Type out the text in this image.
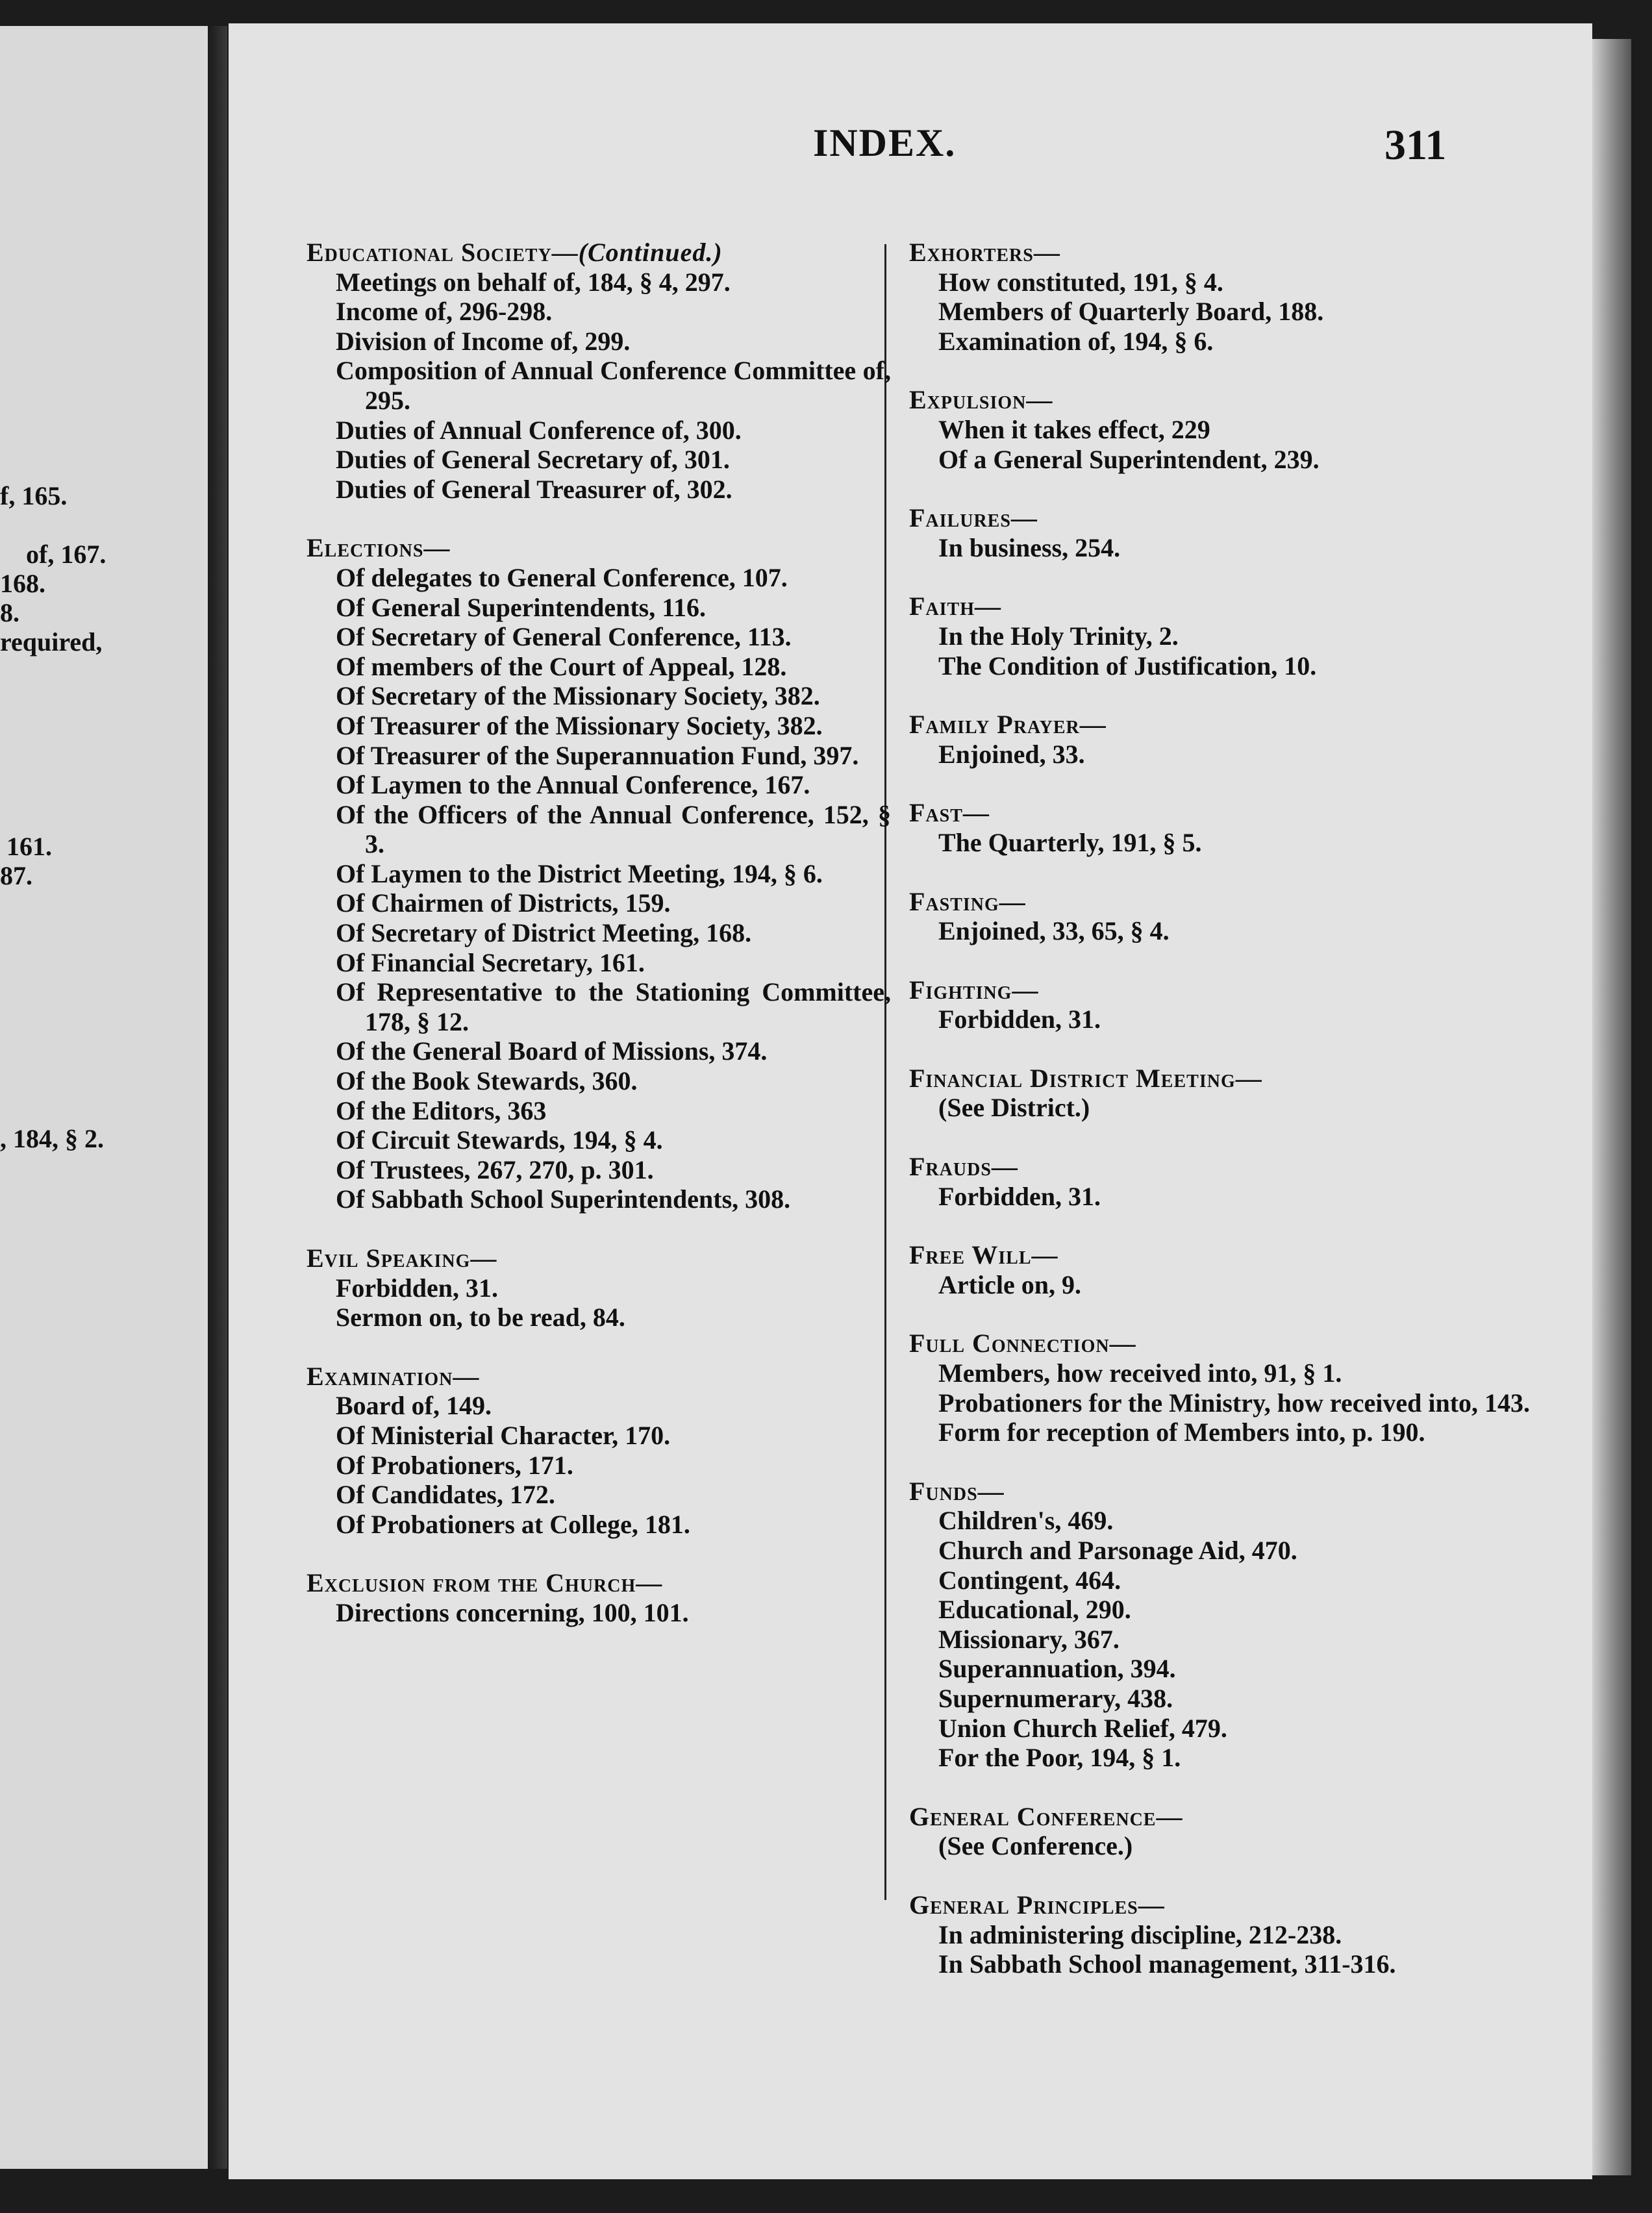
f, 165.
of, 167.
168.
8.
required,
161.
87.
, 184, § 2.
INDEX.	311
Educational Society—(Continued.)
Meetings on behalf of, 184, § 4, 297.
Income of, 296-298.
Division of Income of, 299.
Composition of Annual Conference Committee of, 295.
Duties of Annual Conference of, 300.
Duties of General Secretary of, 301.
Duties of General Treasurer of, 302.
Elections—
Of delegates to General Conference, 107.
Of General Superintendents, 116.
Of Secretary of General Conference, 113.
Of members of the Court of Appeal, 128.
Of Secretary of the Missionary Society, 382.
Of Treasurer of the Missionary Society, 382.
Of Treasurer of the Superannuation Fund, 397.
Of Laymen to the Annual Conference, 167.
Of the Officers of the Annual Conference, 152, § 3.
Of Laymen to the District Meeting, 194, § 6.
Of Chairmen of Districts, 159.
Of Secretary of District Meeting, 168.
Of Financial Secretary, 161.
Of Representative to the Stationing Committee, 178, § 12.
Of the General Board of Missions, 374.
Of the Book Stewards, 360.
Of the Editors, 363
Of Circuit Stewards, 194, § 4.
Of Trustees, 267, 270, p. 301.
Of Sabbath School Superintendents, 308.
Evil Speaking—
Forbidden, 31.
Sermon on, to be read, 84.
Examination—
Board of, 149.
Of Ministerial Character, 170.
Of Probationers, 171.
Of Candidates, 172.
Of Probationers at College, 181.
Exclusion from the Church—
Directions concerning, 100, 101.
Exhorters—
How constituted, 191, § 4.
Members of Quarterly Board, 188.
Examination of, 194, § 6.
Expulsion—
When it takes effect, 229
Of a General Superintendent, 239.
Failures—
In business, 254.
Faith—
In the Holy Trinity, 2.
The Condition of Justification, 10.
Family Prayer—
Enjoined, 33.
Fast—
The Quarterly, 191, § 5.
Fasting—
Enjoined, 33, 65, § 4.
Fighting—
Forbidden, 31.
Financial District Meeting—
(See District.)
Frauds—
Forbidden, 31.
Free Will—
Article on, 9.
Full Connection—
Members, how received into, 91, § 1.
Probationers for the Ministry, how received into, 143.
Form for reception of Members into, p. 190.
Funds—
Children's, 469.
Church and Parsonage Aid, 470.
Contingent, 464.
Educational, 290.
Missionary, 367.
Superannuation, 394.
Supernumerary, 438.
Union Church Relief, 479.
For the Poor, 194, § 1.
General Conference—
(See Conference.)
General Principles—
In administering discipline, 212-238.
In Sabbath School management, 311-316.
